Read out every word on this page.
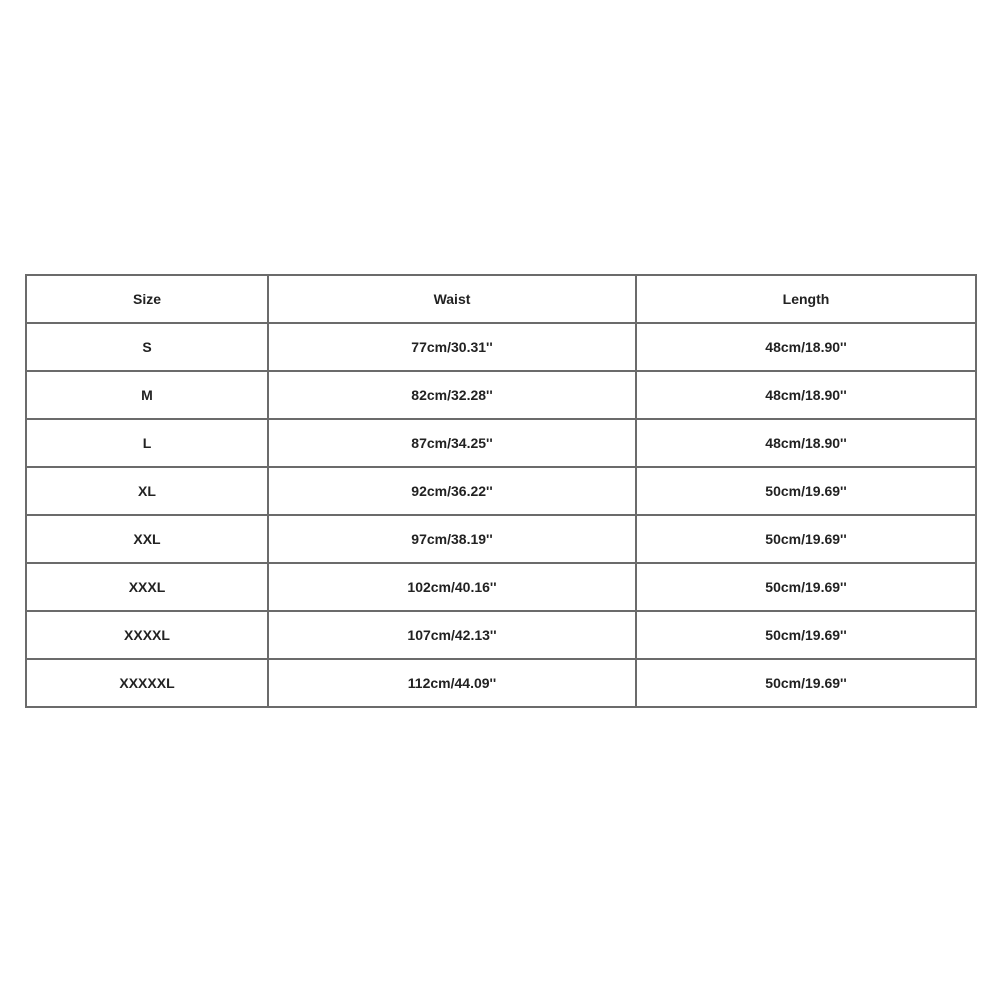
Size	Waist	Length
S	77cm/30.31''	48cm/18.90''
M	82cm/32.28''	48cm/18.90''
L	87cm/34.25''	48cm/18.90''
XL	92cm/36.22''	50cm/19.69''
XXL	97cm/38.19''	50cm/19.69''
XXXL	102cm/40.16''	50cm/19.69''
XXXXL	107cm/42.13''	50cm/19.69''
XXXXXL	112cm/44.09''	50cm/19.69''
